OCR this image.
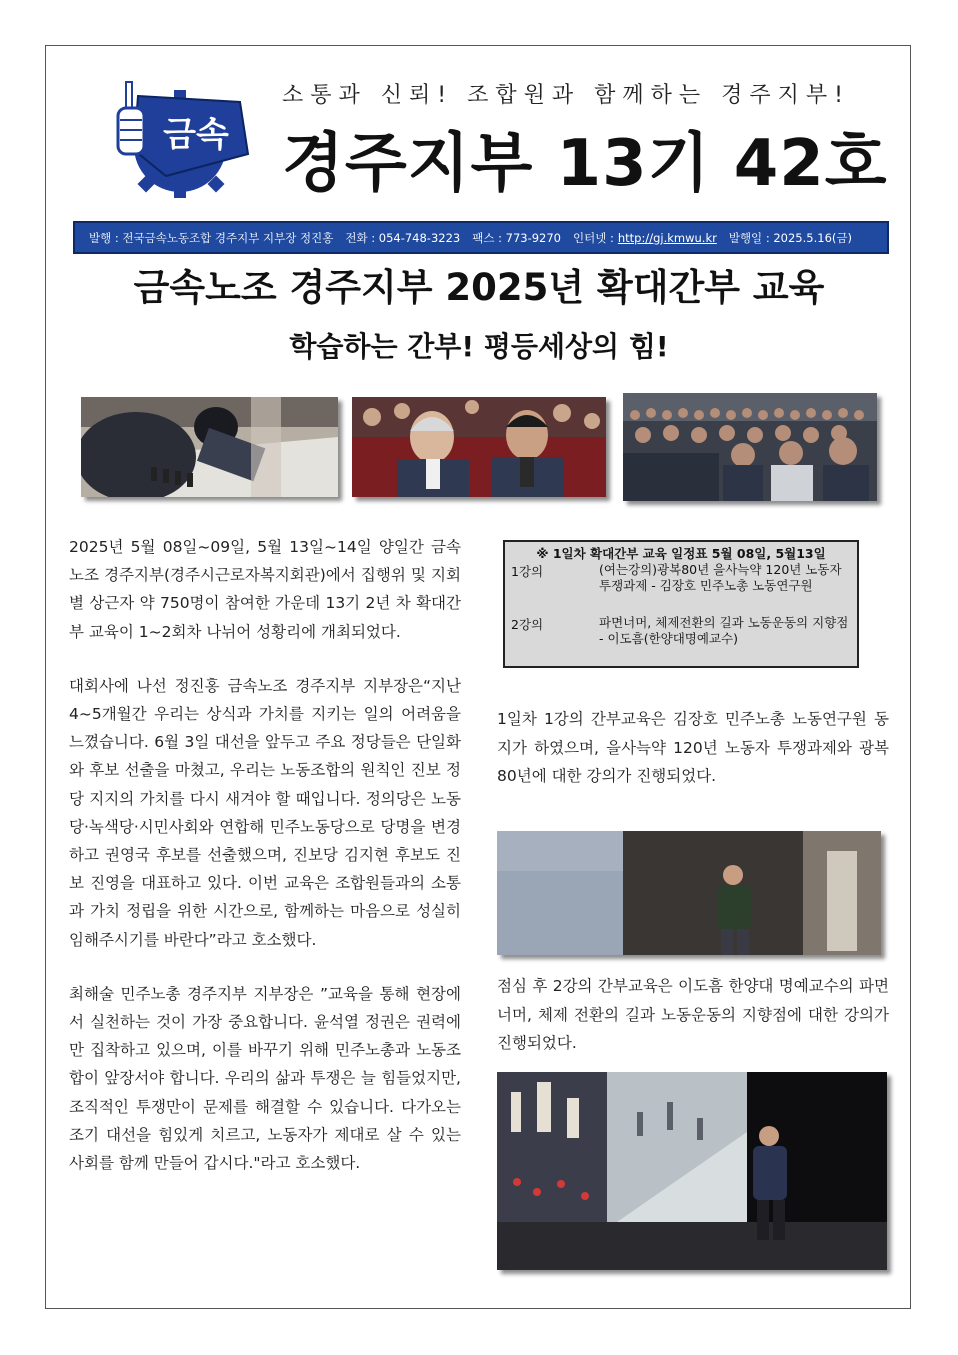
금속
소통과 신뢰! 조합원과 함께하는 경주지부!
경주지부 13기 42호
발행 : 전국금속노동조합 경주지부 지부장 정진홍 전화 : 054-748-3223 팩스 : 773-9270 인터넷 : http://gj.kmwu.kr 발행일 : 2025.5.16(금)
금속노조 경주지부 2025년 확대간부 교육
학습하는 간부! 평등세상의 힘!

2025년 5월 08일~09일, 5월 13일~14일 양일간 금속노조 경주지부(경주시근로자복지회관)에서 집행위 및 지회별 상근자 약 750명이 참여한 가운데 13기 2년 차 확대간부 교육이 1~2회차 나뉘어 성황리에 개최되었다.

대회사에 나선 정진홍 금속노조 경주지부 지부장은“지난 4~5개월간 우리는 상식과 가치를 지키는 일의 어려움을 느꼈습니다. 6월 3일 대선을 앞두고 주요 정당들은 단일화와 후보 선출을 마쳤고, 우리는 노동조합의 원칙인 진보 정당 지지의 가치를 다시 새겨야 할 때입니다. 정의당은 노동당·녹색당·시민사회와 연합해 민주노동당으로 당명을 변경하고 권영국 후보를 선출했으며, 진보당 김지현 후보도 진보 진영을 대표하고 있다. 이번 교육은 조합원들과의 소통과 가치 정립을 위한 시간으로, 함께하는 마음으로 성실히 임해주시기를 바란다”라고 호소했다.

최해술 민주노총 경주지부 지부장은 ”교육을 통해 현장에서 실천하는 것이 가장 중요합니다. 윤석열 정권은 권력에만 집착하고 있으며, 이를 바꾸기 위해 민주노총과 노동조합이 앞장서야 합니다. 우리의 삶과 투쟁은 늘 힘들었지만, 조직적인 투쟁만이 문제를 해결할 수 있습니다. 다가오는 조기 대선을 힘있게 치르고, 노동자가 제대로 살 수 있는 사회를 함께 만들어 갑시다."라고 호소했다.

※ 1일차 확대간부 교육 일정표 5월 08일, 5월13일
1강의	(여는강의)광복80년 을사늑약 120년 노동자 투쟁과제 - 김장호 민주노총 노동연구원
2강의	파면너머, 체제전환의 길과 노동운동의 지향점 - 이도흠(한양대명예교수)
1일차 1강의 간부교육은 김장호 민주노총 노동연구원 동지가 하였으며, 을사늑약 120년 노동자 투쟁과제와 광복 80년에 대한 강의가 진행되었다.
점심 후 2강의 간부교육은 이도흠 한양대 명예교수의 파면 너머, 체제 전환의 길과 노동운동의 지향점에 대한 강의가 진행되었다.
